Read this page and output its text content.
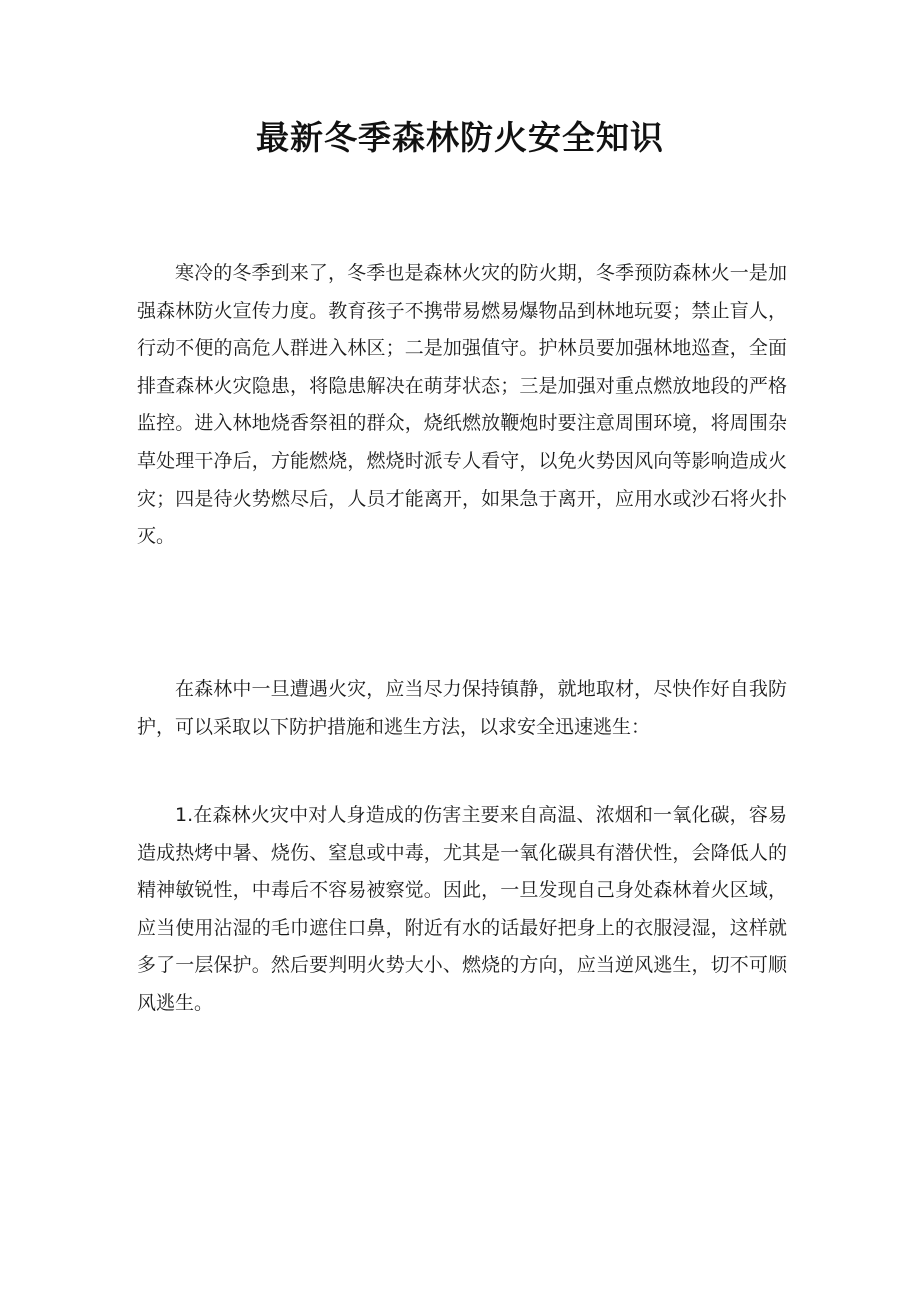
最新冬季森林防火安全知识

寒冷的冬季到来了，冬季也是森林火灾的防火期，冬季预防森林火一是加强森林防火宣传力度。教育孩子不携带易燃易爆物品到林地玩耍；禁止盲人，行动不便的高危人群进入林区；二是加强值守。护林员要加强林地巡查，全面排查森林火灾隐患，将隐患解决在萌芽状态；三是加强对重点燃放地段的严格监控。进入林地烧香祭祖的群众，烧纸燃放鞭炮时要注意周围环境，将周围杂草处理干净后，方能燃烧，燃烧时派专人看守，以免火势因风向等影响造成火灾；四是待火势燃尽后，人员才能离开，如果急于离开，应用水或沙石将火扑灭。

在森林中一旦遭遇火灾，应当尽力保持镇静，就地取材，尽快作好自我防护，可以采取以下防护措施和逃生方法，以求安全迅速逃生：

1.在森林火灾中对人身造成的伤害主要来自高温、浓烟和一氧化碳，容易造成热烤中暑、烧伤、窒息或中毒，尤其是一氧化碳具有潜伏性，会降低人的精神敏锐性，中毒后不容易被察觉。因此，一旦发现自己身处森林着火区域，应当使用沾湿的毛巾遮住口鼻，附近有水的话最好把身上的衣服浸湿，这样就多了一层保护。然后要判明火势大小、燃烧的方向，应当逆风逃生，切不可顺风逃生。
